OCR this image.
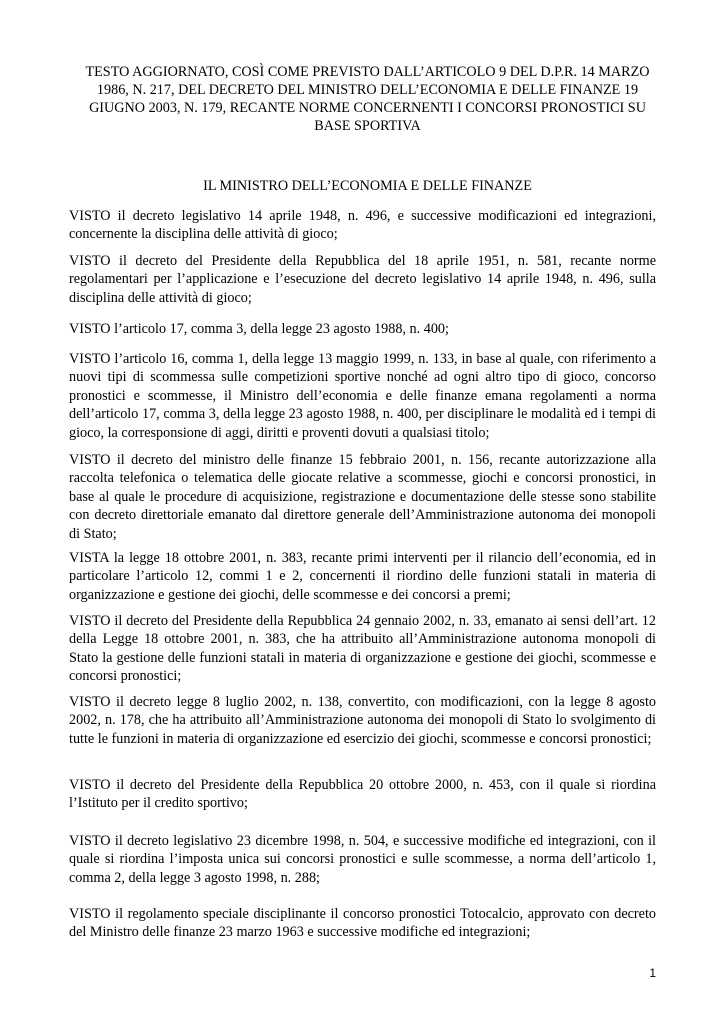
TESTO AGGIORNATO, COSÌ COME PREVISTO DALL’ARTICOLO 9 DEL D.P.R. 14 MARZO 1986, N. 217, DEL DECRETO DEL MINISTRO DELL’ECONOMIA E DELLE FINANZE 19 GIUGNO 2003, N. 179, RECANTE NORME CONCERNENTI I CONCORSI PRONOSTICI SU BASE SPORTIVA

IL MINISTRO DELL’ECONOMIA E DELLE FINANZE

VISTO il decreto legislativo 14 aprile 1948, n. 496, e successive modificazioni ed integrazioni, concernente la disciplina delle attività di gioco;

VISTO il decreto del Presidente della Repubblica del 18 aprile 1951, n. 581, recante norme regolamentari per l’applicazione e l’esecuzione del decreto legislativo 14 aprile 1948, n. 496, sulla disciplina delle attività di gioco;

VISTO l’articolo 17, comma 3, della legge 23 agosto 1988, n. 400;

VISTO l’articolo 16, comma 1, della legge 13 maggio 1999, n. 133, in base al quale, con riferimento a nuovi tipi di scommessa sulle competizioni sportive nonché ad ogni altro tipo di gioco, concorso pronostici e scommesse, il Ministro dell’economia e delle finanze emana regolamenti a norma dell’articolo 17, comma 3, della legge 23 agosto 1988, n. 400, per disciplinare le modalità ed i tempi di gioco, la corresponsione di aggi, diritti e proventi dovuti a qualsiasi titolo;

VISTO il decreto del ministro delle finanze 15 febbraio 2001, n. 156, recante autorizzazione alla raccolta telefonica o telematica delle giocate relative a scommesse, giochi e concorsi pronostici, in base al quale le procedure di acquisizione, registrazione e documentazione delle stesse sono stabilite con decreto direttoriale emanato dal direttore generale dell’Amministrazione autonoma dei monopoli di Stato;

VISTA la legge 18 ottobre 2001, n. 383, recante primi interventi per il rilancio dell’economia, ed in particolare l’articolo 12, commi 1 e 2, concernenti il riordino delle funzioni statali in materia di organizzazione e gestione dei giochi, delle scommesse e dei concorsi a premi;

VISTO il decreto del Presidente della Repubblica 24 gennaio 2002, n. 33, emanato ai sensi dell’art. 12 della Legge 18 ottobre 2001, n. 383, che ha attribuito all’Amministrazione autonoma monopoli di Stato la gestione delle funzioni statali in materia di organizzazione e gestione dei giochi, scommesse e concorsi pronostici;

VISTO il decreto legge 8 luglio 2002, n. 138, convertito, con modificazioni, con la legge 8 agosto 2002, n. 178, che ha attribuito all’Amministrazione autonoma dei monopoli di Stato lo svolgimento di tutte le funzioni in materia di organizzazione ed esercizio dei giochi, scommesse e concorsi pronostici;

VISTO il decreto del Presidente della Repubblica 20 ottobre 2000, n. 453, con il quale si riordina l’Istituto per il credito sportivo;

VISTO il decreto legislativo 23 dicembre 1998, n. 504, e successive modifiche ed integrazioni, con il quale si riordina l’imposta unica sui concorsi pronostici e sulle scommesse, a norma dell’articolo 1, comma 2, della legge 3 agosto 1998, n. 288;

VISTO il regolamento speciale disciplinante il concorso pronostici Totocalcio, approvato con decreto del Ministro delle finanze 23 marzo 1963 e successive modifiche ed integrazioni;

1
